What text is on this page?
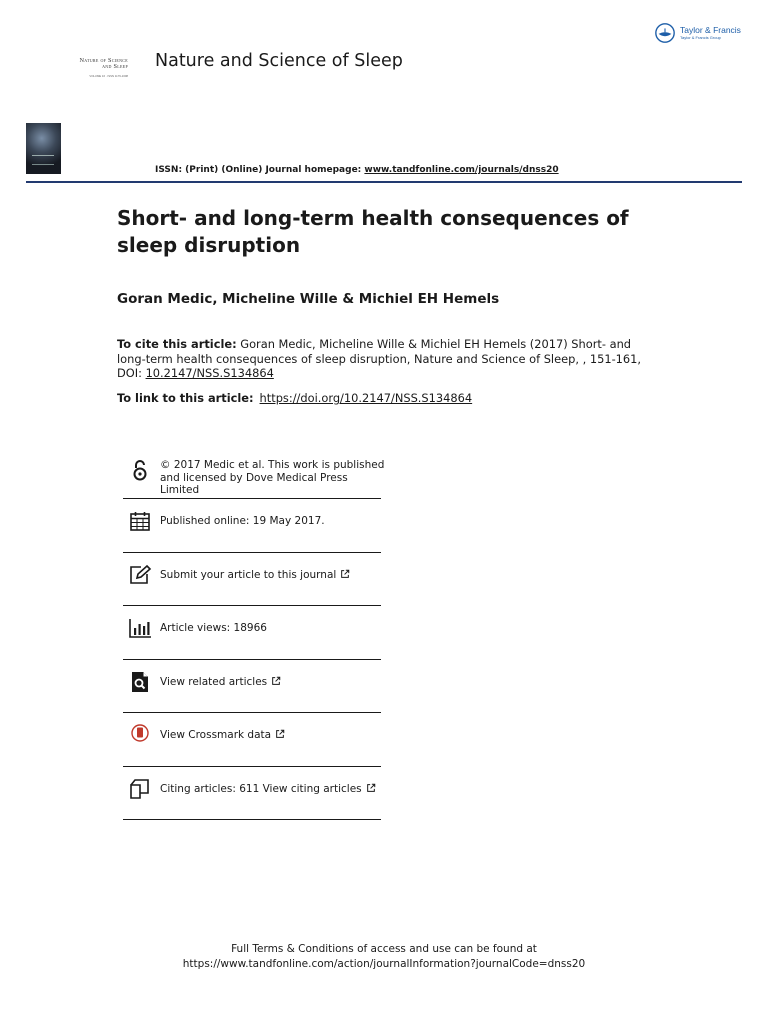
Taylor & Francis
Taylor & Francis Group
Nature of Science
and Sleep
VOLUME 16 · ISSN 1179-1608
Nature and Science of Sleep
ISSN: (Print) (Online) Journal homepage: www.tandfonline.com/journals/dnss20
Short- and long-term health consequences of sleep disruption
Goran Medic, Micheline Wille & Michiel EH Hemels
To cite this article: Goran Medic, Micheline Wille & Michiel EH Hemels (2017) Short- and long-term health consequences of sleep disruption, Nature and Science of Sleep, , 151-161, DOI: 10.2147/NSS.S134864
To link to this article: https://doi.org/10.2147/NSS.S134864
© 2017 Medic et al. This work is published and licensed by Dove Medical Press Limited
Published online: 19 May 2017.
Submit your article to this journal
Article views: 18966
View related articles
View Crossmark data
Citing articles: 611 View citing articles
Full Terms & Conditions of access and use can be found at
https://www.tandfonline.com/action/journalInformation?journalCode=dnss20
